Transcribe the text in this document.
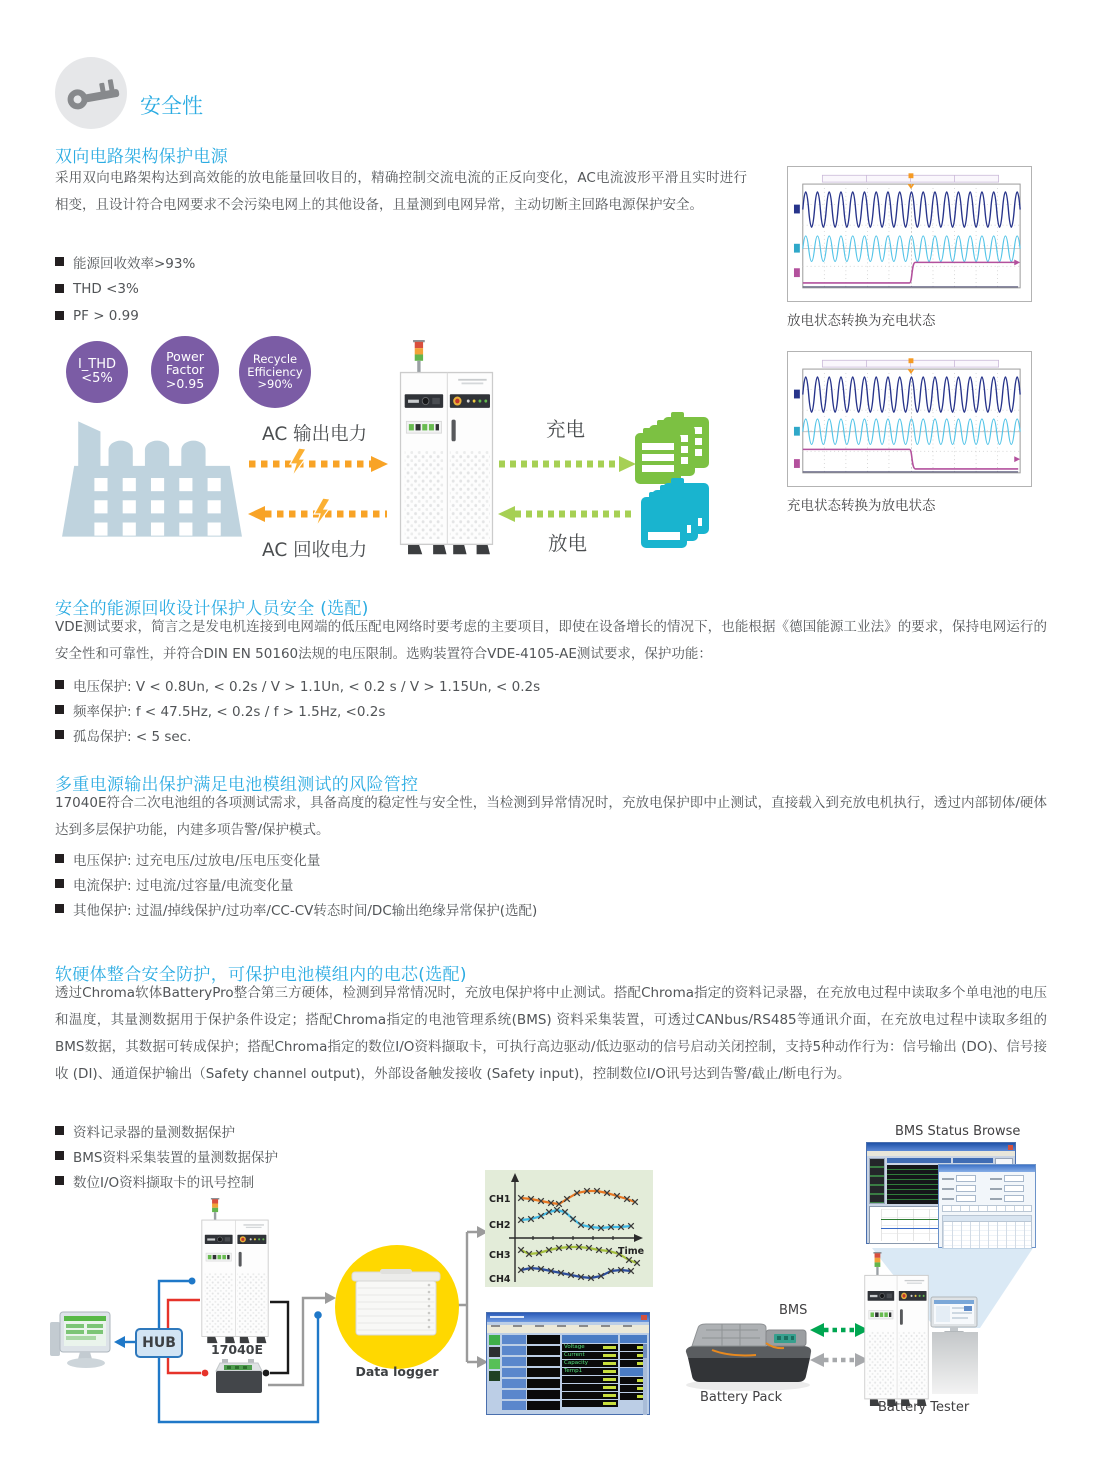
安全性
双向电路架构保护电源
采用双向电路架构达到高效能的放电能量回收目的，精确控制交流电流的正反向变化，AC电流波形平滑且实时进行相变，且设计符合电网要求不会污染电网上的其他设备，且量测到电网异常，主动切断主回路电源保护安全。
能源回收效率>93%
THD <3%
PF > 0.99	放电状态转换为充电状态
充电状态转换为放电状态
I_THD
<5%
Power
Factor
>0.95
Recycle
Efficiency
>90%
AC 输出电力
AC 回收电力
充电
放电
安全的能源回收设计保护人员安全 (选配)
VDE测试要求，简言之是发电机连接到电网端的低压配电网络时要考虑的主要项目，即使在设备增长的情况下，也能根据《德国能源工业法》的要求，保持电网运行的安全性和可靠性，并符合DIN EN 50160法规的电压限制。选购装置符合VDE-4105-AE测试要求，保护功能：
电压保护: V < 0.8Un, < 0.2s / V > 1.1Un, < 0.2 s / V > 1.15Un, < 0.2s
频率保护: f < 47.5Hz, < 0.2s / f > 1.5Hz, <0.2s
孤岛保护: < 5 sec.
多重电源输出保护满足电池模组测试的风险管控
17040E符合二次电池组的各项测试需求，具备高度的稳定性与安全性，当检测到异常情况时，充放电保护即中止测试，直接载入到充放电机执行，透过内部韧体/硬体达到多层保护功能，内建多项告警/保护模式。
电压保护: 过充电压/过放电/压电压变化量
电流保护: 过电流/过容量/电流变化量
其他保护: 过温/掉线保护/过功率/CC-CV转态时间/DC输出绝缘异常保护(选配)
软硬体整合安全防护，可保护电池模组内的电芯(选配)
透过Chroma软体BatteryPro整合第三方硬体，检测到异常情况时，充放电保护将中止测试。搭配Chroma指定的资料记录器，在充放电过程中读取多个单电池的电压和温度，其量测数据用于保护条件设定；搭配Chroma指定的电池管理系统(BMS) 资料采集装置，可透过CANbus/RS485等通讯介面，在充放电过程中读取多组的BMS数据，其数据可转成保护；搭配Chroma指定的数位I/O资料撷取卡，可执行高边驱动/低边驱动的信号启动关闭控制，支持5种动作行为：信号输出 (DO)、信号接收 (DI)、通道保护输出（Safety channel output)，外部设备触发接收 (Safety input)，控制数位I/O讯号达到告警/截止/断电行为。
资料记录器的量测数据保护
BMS资料采集装置的量测数据保护
数位I/O资料撷取卡的讯号控制
HUB	17040E
Data logger
CH1
CH2
CH3
CH4
Time
Voltage
Current
Capacity
Temp1
BMS Status Browse
BMS
Battery Pack
Battery Tester
